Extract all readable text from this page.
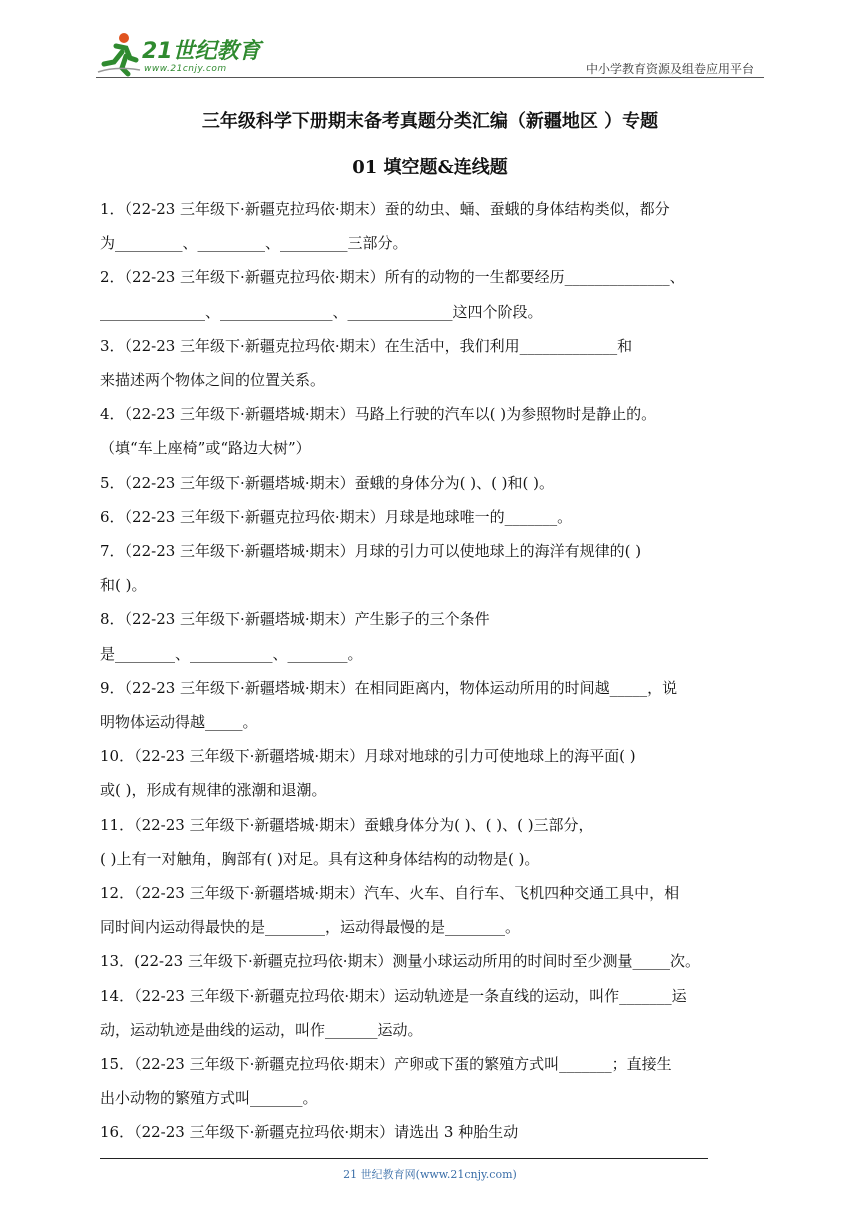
21世纪教育
www.21cnjy.com	中小学教育资源及组卷应用平台
三年级科学下册期末备考真题分类汇编（新疆地区 ）专题
01 填空题&连线题

1．（22-23 三年级下·新疆克拉玛依·期末）蚕的幼虫、蛹、蚕蛾的身体结构类似，都分

为_________、_________、_________三部分。

2．（22-23 三年级下·新疆克拉玛依·期末）所有的动物的一生都要经历______________、

______________、_______________、______________这四个阶段。

3．（22-23 三年级下·新疆克拉玛依·期末）在生活中，我们利用_____________和

来描述两个物体之间的位置关系。

4．（22-23 三年级下·新疆塔城·期末）马路上行驶的汽车以( )为参照物时是静止的。

（填“车上座椅”或“路边大树”）

5．（22-23 三年级下·新疆塔城·期末）蚕蛾的身体分为( )、( )和( )。

6．（22-23 三年级下·新疆克拉玛依·期末）月球是地球唯一的_______。

7．（22-23 三年级下·新疆塔城·期末）月球的引力可以使地球上的海洋有规律的( )

和( )。

8．（22-23 三年级下·新疆塔城·期末）产生影子的三个条件

是________、___________、________。

9．（22-23 三年级下·新疆塔城·期末）在相同距离内，物体运动所用的时间越_____，说

明物体运动得越_____。

10．（22-23 三年级下·新疆塔城·期末）月球对地球的引力可使地球上的海平面( )

或( )，形成有规律的涨潮和退潮。

11．（22-23 三年级下·新疆塔城·期末）蚕蛾身体分为( )、( )、( )三部分，

( )上有一对触角，胸部有( )对足。具有这种身体结构的动物是( )。

12．（22-23 三年级下·新疆塔城·期末）汽车、火车、自行车、飞机四种交通工具中，相

同时间内运动得最快的是________，运动得最慢的是________。

13．(22-23 三年级下·新疆克拉玛依·期末）测量小球运动所用的时间时至少测量_____次。

14．（22-23 三年级下·新疆克拉玛依·期末）运动轨迹是一条直线的运动，叫作_______运

动，运动轨迹是曲线的运动，叫作_______运动。

15．（22-23 三年级下·新疆克拉玛依·期末）产卵或下蛋的繁殖方式叫_______；直接生

出小动物的繁殖方式叫_______。

16．（22-23 三年级下·新疆克拉玛依·期末）请选出 3 种胎生动

21 世纪教育网(www.21cnjy.com)
